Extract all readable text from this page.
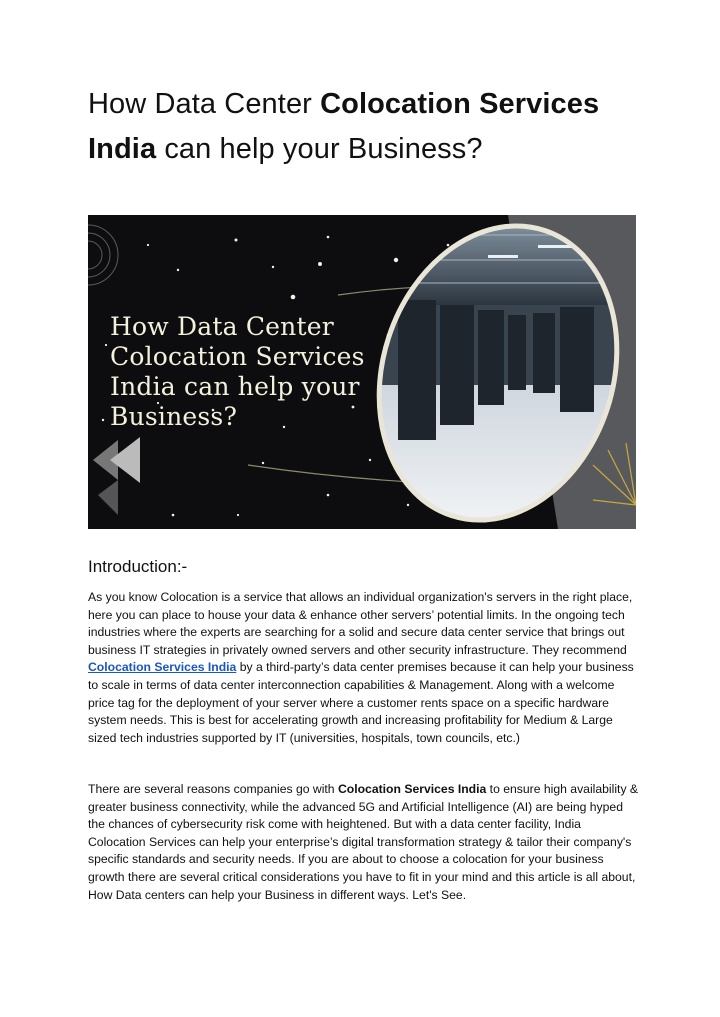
How Data Center Colocation Services India can help your Business?
How Data Center
Colocation Services
India can help your
Business?
Introduction:-

As you know Colocation is a service that allows an individual organization's servers in the right place, here you can place to house your data & enhance other servers’ potential limits. In the ongoing tech industries where the experts are searching for a solid and secure data center service that brings out business IT strategies in privately owned servers and other security infrastructure. They recommend Colocation Services India by a third-party’s data center premises because it can help your business to scale in terms of data center interconnection capabilities & Management. Along with a welcome price tag for the deployment of your server where a customer rents space on a specific hardware system needs. This is best for accelerating growth and increasing profitability for Medium & Large sized tech industries supported by IT (universities, hospitals, town councils, etc.)

There are several reasons companies go with Colocation Services India to ensure high availability & greater business connectivity, while the advanced 5G and Artificial Intelligence (AI) are being hyped the chances of cybersecurity risk come with heightened. But with a data center facility, India Colocation Services can help your enterprise’s digital transformation strategy & tailor their company's specific standards and security needs. If you are about to choose a colocation for your business growth there are several critical considerations you have to fit in your mind and this article is all about, How Data centers can help your Business in different ways. Let's See.
